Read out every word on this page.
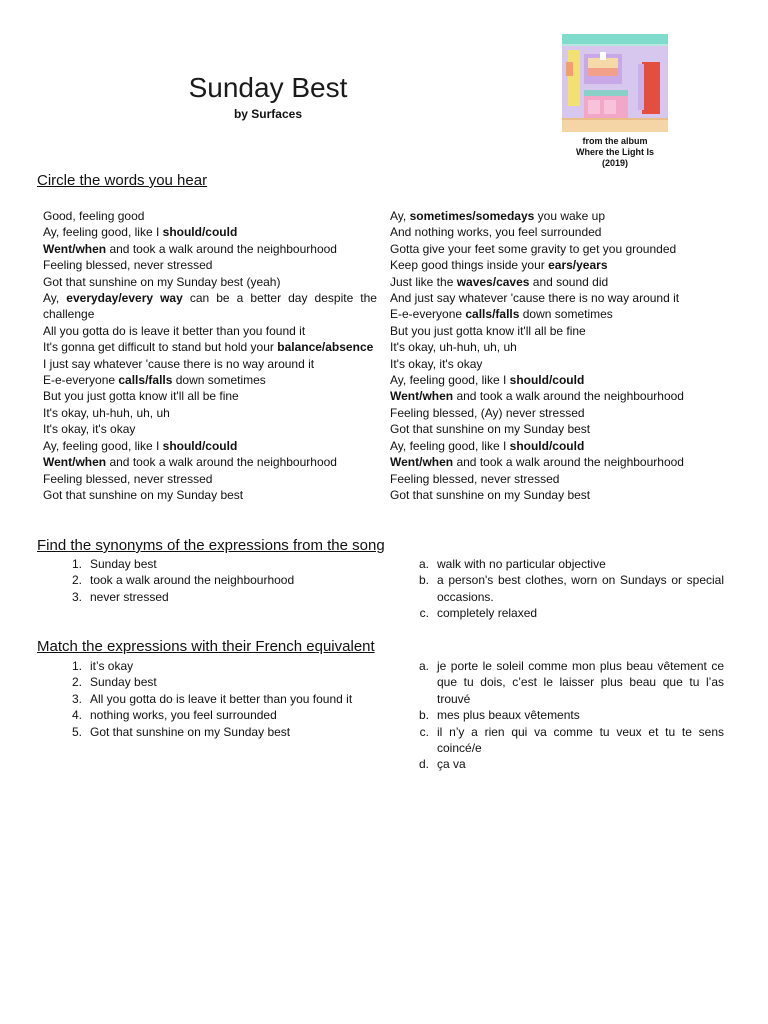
Sunday Best
by Surfaces
from the album
Where the Light Is
(2019)
Circle the words you hear
Good, feeling good
Ay, feeling good, like I should/could
Went/when and took a walk around the neighbourhood
Feeling blessed, never stressed
Got that sunshine on my Sunday best (yeah)
Ay, everyday/every way can be a better day despite the challenge
All you gotta do is leave it better than you found it
It's gonna get difficult to stand but hold your balance/absence
I just say whatever 'cause there is no way around it
E-e-everyone calls/falls down sometimes
But you just gotta know it'll all be fine
It's okay, uh-huh, uh, uh
It's okay, it's okay
Ay, feeling good, like I should/could
Went/when and took a walk around the neighbourhood
Feeling blessed, never stressed
Got that sunshine on my Sunday best
Ay, sometimes/somedays you wake up
And nothing works, you feel surrounded
Gotta give your feet some gravity to get you grounded
Keep good things inside your ears/years
Just like the waves/caves and sound did
And just say whatever 'cause there is no way around it
E-e-everyone calls/falls down sometimes
But you just gotta know it'll all be fine
It's okay, uh-huh, uh, uh
It's okay, it's okay
Ay, feeling good, like I should/could
Went/when and took a walk around the neighbourhood
Feeling blessed, (Ay) never stressed
Got that sunshine on my Sunday best
Ay, feeling good, like I should/could
Went/when and took a walk around the neighbourhood
Feeling blessed, never stressed
Got that sunshine on my Sunday best
Find the synonyms of the expressions from the song
1. Sunday best
2. took a walk around the neighbourhood
3. never stressed
a. walk with no particular objective
b. a person's best clothes, worn on Sundays or special occasions.
c. completely relaxed
Match the expressions with their French equivalent
1. it’s okay
2. Sunday best
3. All you gotta do is leave it better than you found it
4. nothing works, you feel surrounded
5. Got that sunshine on my Sunday best
a. je porte le soleil comme mon plus beau vêtement ce que tu dois, c’est le laisser plus beau que tu l’as trouvé
b. mes plus beaux vêtements
c. il n’y a rien qui va comme tu veux et tu te sens coincé/e
d. ça va
